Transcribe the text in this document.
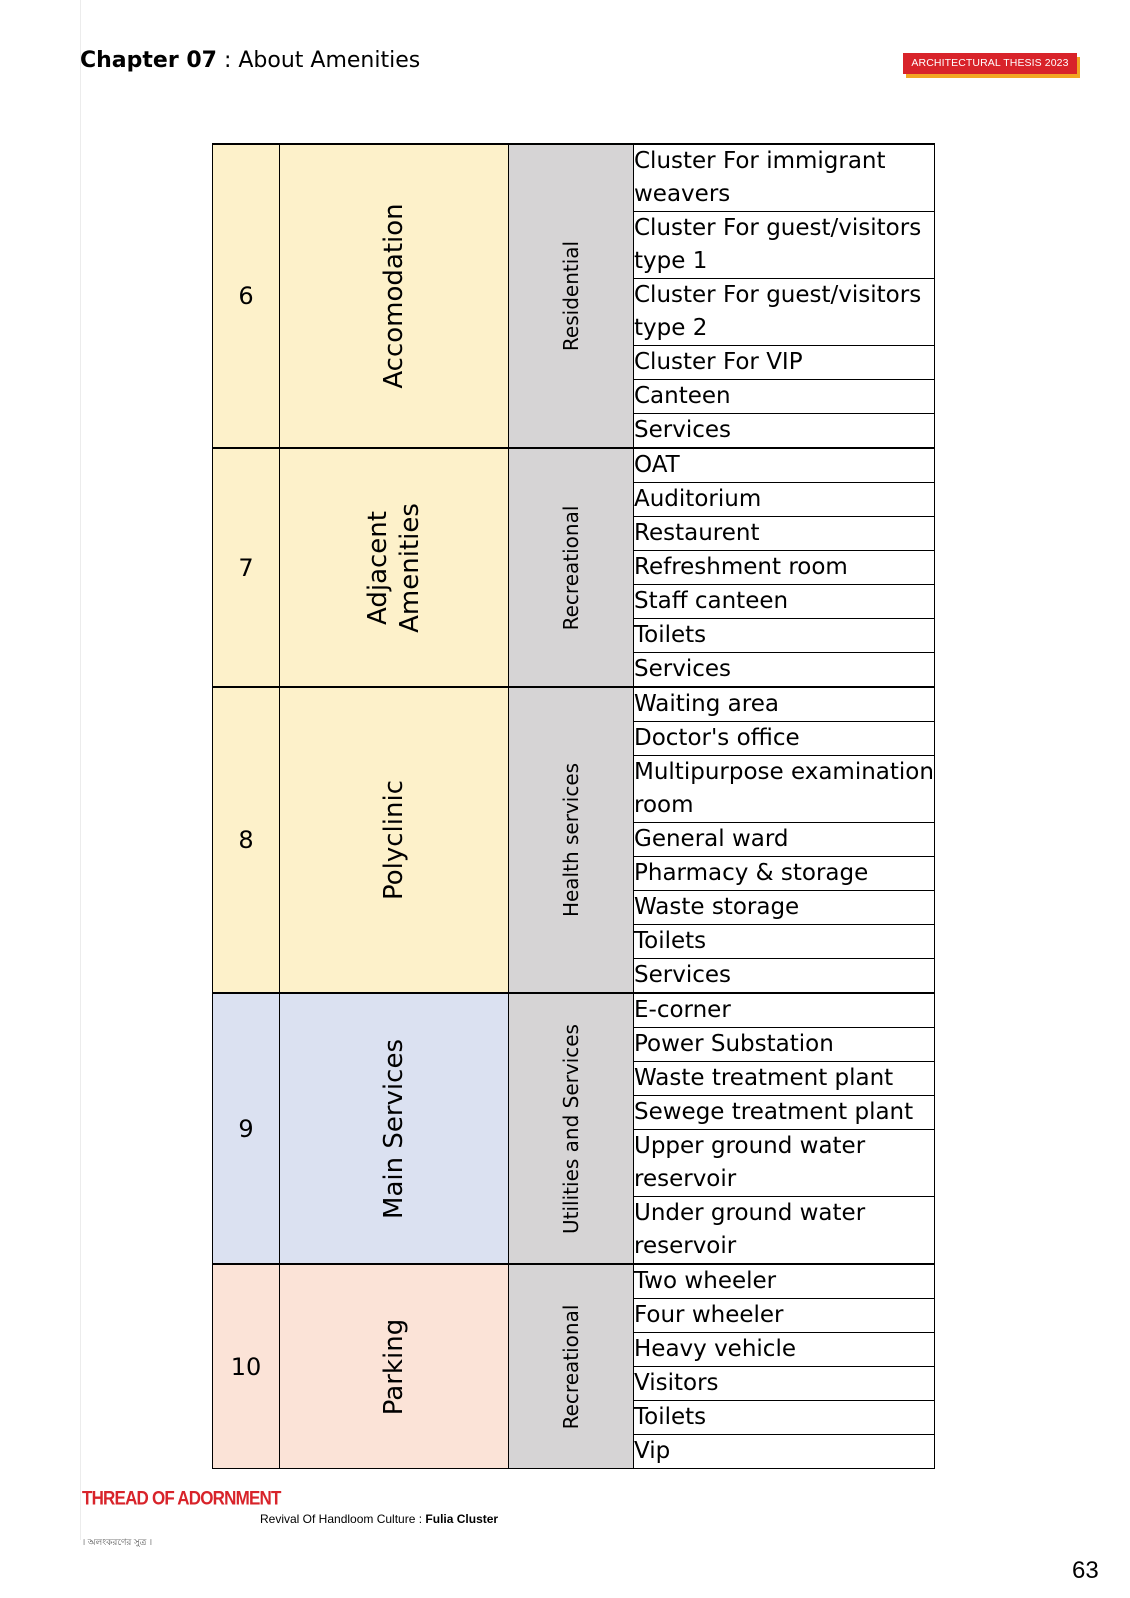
Chapter 07 : About Amenities	ARCHITECTURAL THESIS 2023
6	Accomodation	Residential	Cluster For immigrant weavers
			Cluster For guest/visitors type 1
			Cluster For guest/visitors type 2
			Cluster For VIP
			Canteen
			Services
7	Adjacent Amenities	Recreational	OAT
			Auditorium
			Restaurent
			Refreshment room
			Staff canteen
			Toilets
			Services
8	Polyclinic	Health services	Waiting area
			Doctor's office
			Multipurpose examination room
			General ward
			Pharmacy & storage
			Waste storage
			Toilets
			Services
9	Main Services	Utilities and Services	E-corner
			Power Substation
			Waste treatment plant
			Sewege treatment plant
			Upper ground water reservoir
			Under ground water reservoir
10	Parking	Recreational	Two wheeler
			Four wheeler
			Heavy vehicle
			Visitors
			Toilets
			Vip
THREAD OF ADORNMENT
। অলংকরণের সুত্র ।
Revival Of Handloom Culture : Fulia Cluster
63
